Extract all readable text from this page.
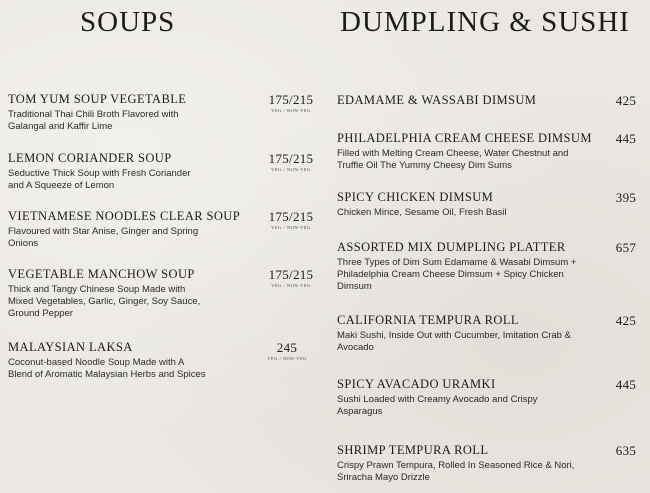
SOUPS
TOM YUM SOUP VEGETABLE
Traditional Thai Chili Broth Flavored with Galangal and Kaffir Lime
175/215
VEG / NON-VEG
LEMON CORIANDER SOUP
Seductive Thick Soup with Fresh Coriander and A Squeeze of Lemon
175/215
VEG / NON-VEG
VIETNAMESE NOODLES CLEAR SOUP
Flavoured with Star Anise, Ginger and Spring Onions
175/215
VEG / NON-VEG
VEGETABLE MANCHOW SOUP
Thick and Tangy Chinese Soup Made with Mixed Vegetables, Garlic, Ginger, Soy Sauce, Ground Pepper
175/215
VEG / NON-VEG
MALAYSIAN LAKSA
Coconut-based Noodle Soup Made with A Blend of Aromatic Malaysian Herbs and Spices
245
VEG / NON-VEG
DUMPLING & SUSHI
EDAMAME & WASSABI DIMSUM	425
PHILADELPHIA CREAM CHEESE DIMSUM
Filled with Melting Cream Cheese, Water Chestnut and Truffle Oil The Yummy Cheesy Dim Sums
445
SPICY CHICKEN DIMSUM
Chicken Mince, Sesame Oil, Fresh Basil
395
ASSORTED MIX DUMPLING PLATTER
Three Types of Dim Sum Edamame & Wasabi Dimsum + Philadelphia Cream Cheese Dimsum + Spicy Chicken Dimsum
657
CALIFORNIA TEMPURA ROLL
Maki Sushi, Inside Out with Cucumber, Imitation Crab & Avocado
425
SPICY AVACADO URAMKI
Sushi Loaded with Creamy Avocado and Crispy Asparagus
445
SHRIMP TEMPURA ROLL
Crispy Prawn Tempura, Rolled In Seasoned Rice & Nori, Sriracha Mayo Drizzle
635
